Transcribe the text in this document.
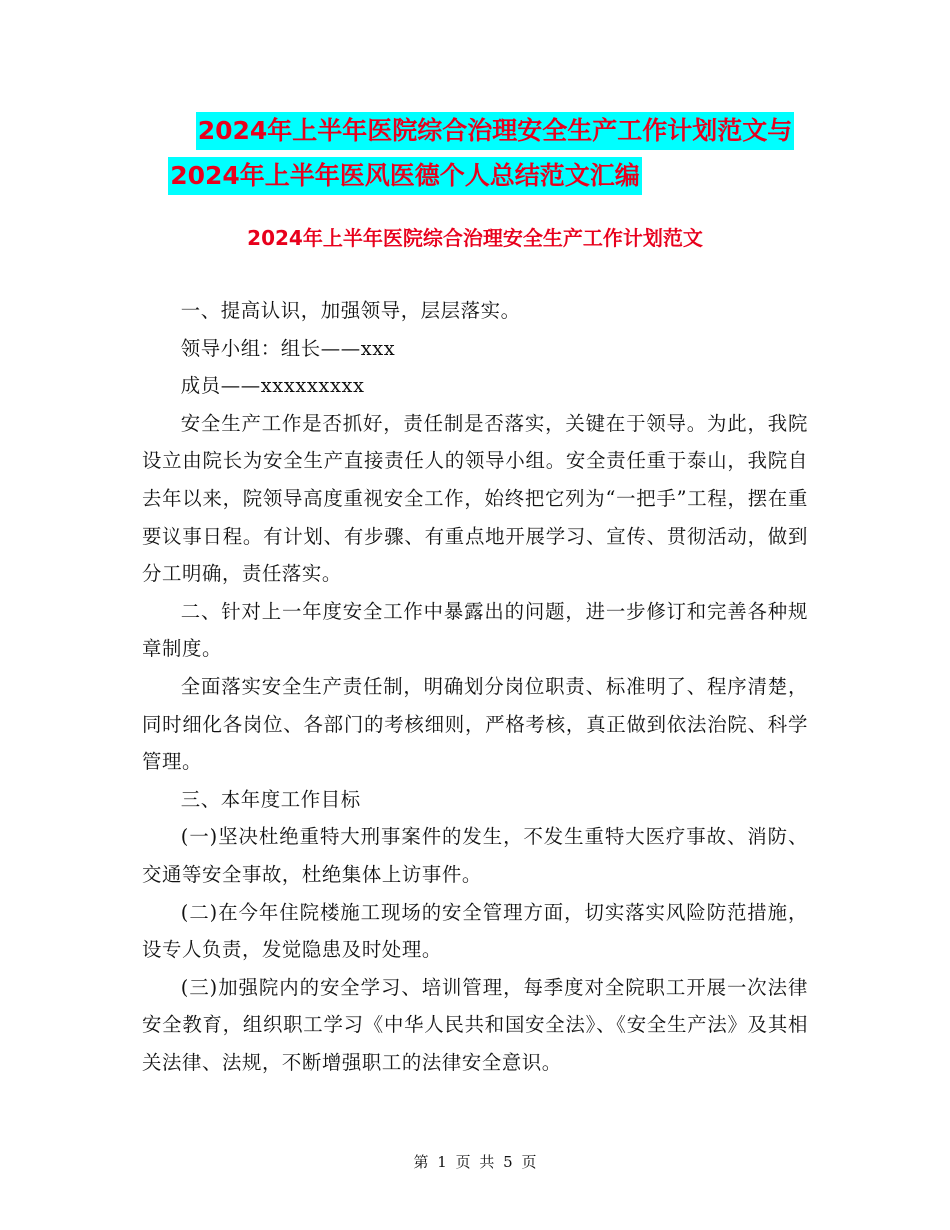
2024年上半年医院综合治理安全生产工作计划范文与
2024年上半年医风医德个人总结范文汇编
2024年上半年医院综合治理安全生产工作计划范文

一、提高认识，加强领导，层层落实。

领导小组：组长——xxx

成员——xxxxxxxxx

安全生产工作是否抓好，责任制是否落实，关键在于领导。为此，我院设立由院长为安全生产直接责任人的领导小组。安全责任重于泰山，我院自去年以来，院领导高度重视安全工作，始终把它列为“一把手”工程，摆在重要议事日程。有计划、有步骤、有重点地开展学习、宣传、贯彻活动，做到分工明确，责任落实。

二、针对上一年度安全工作中暴露出的问题，进一步修订和完善各种规章制度。

全面落实安全生产责任制，明确划分岗位职责、标准明了、程序清楚，同时细化各岗位、各部门的考核细则，严格考核，真正做到依法治院、科学管理。

三、本年度工作目标

(一)坚决杜绝重特大刑事案件的发生，不发生重特大医疗事故、消防、交通等安全事故，杜绝集体上访事件。

(二)在今年住院楼施工现场的安全管理方面，切实落实风险防范措施，设专人负责，发觉隐患及时处理。

(三)加强院内的安全学习、培训管理，每季度对全院职工开展一次法律安全教育，组织职工学习《中华人民共和国安全法》、《安全生产法》及其相关法律、法规，不断增强职工的法律安全意识。

第 1 页 共 5 页
